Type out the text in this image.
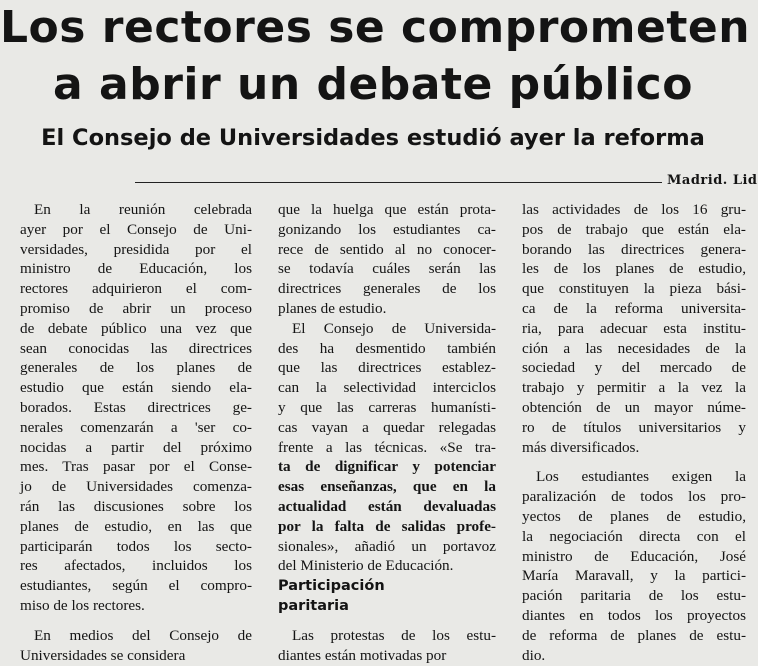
Los rectores se comprometen
a abrir un debate público
El Consejo de Universidades estudió ayer la reforma
Madrid. Lid
En la reunión celebrada
ayer por el Consejo de Uni-
versidades, presidida por el
ministro de Educación, los
rectores adquirieron el com-
promiso de abrir un proceso
de debate público una vez que
sean conocidas las directrices
generales de los planes de
estudio que están siendo ela-
borados. Estas directrices ge-
nerales comenzarán a 'ser co-
nocidas a partir del próximo
mes. Tras pasar por el Conse-
jo de Universidades comenza-
rán las discusiones sobre los
planes de estudio, en las que
participarán todos los secto-
res afectados, incluidos los
estudiantes, según el compro-
miso de los rectores.
En medios del Consejo de
Universidades se considera
que la huelga que están prota-
gonizando los estudiantes ca-
rece de sentido al no conocer-
se todavía cuáles serán las
directrices generales de los
planes de estudio.
El Consejo de Universida-
des ha desmentido también
que las directrices establez-
can la selectividad interciclos
y que las carreras humanísti-
cas vayan a quedar relegadas
frente a las técnicas. «Se tra-
ta de dignificar y potenciar
esas enseñanzas, que en la
actualidad están devaluadas
por la falta de salidas profe-
sionales», añadió un portavoz
del Ministerio de Educación.
Participación
paritaria
Las protestas de los estu-
diantes están motivadas por
las actividades de los 16 gru-
pos de trabajo que están ela-
borando las directrices genera-
les de los planes de estudio,
que constituyen la pieza bási-
ca de la reforma universita-
ria, para adecuar esta institu-
ción a las necesidades de la
sociedad y del mercado de
trabajo y permitir a la vez la
obtención de un mayor núme-
ro de títulos universitarios y
más diversificados.
Los estudiantes exigen la
paralización de todos los pro-
yectos de planes de estudio,
la negociación directa con el
ministro de Educación, José
María Maravall, y la partici-
pación paritaria de los estu-
diantes en todos los proyectos
de reforma de planes de estu-
dio.
